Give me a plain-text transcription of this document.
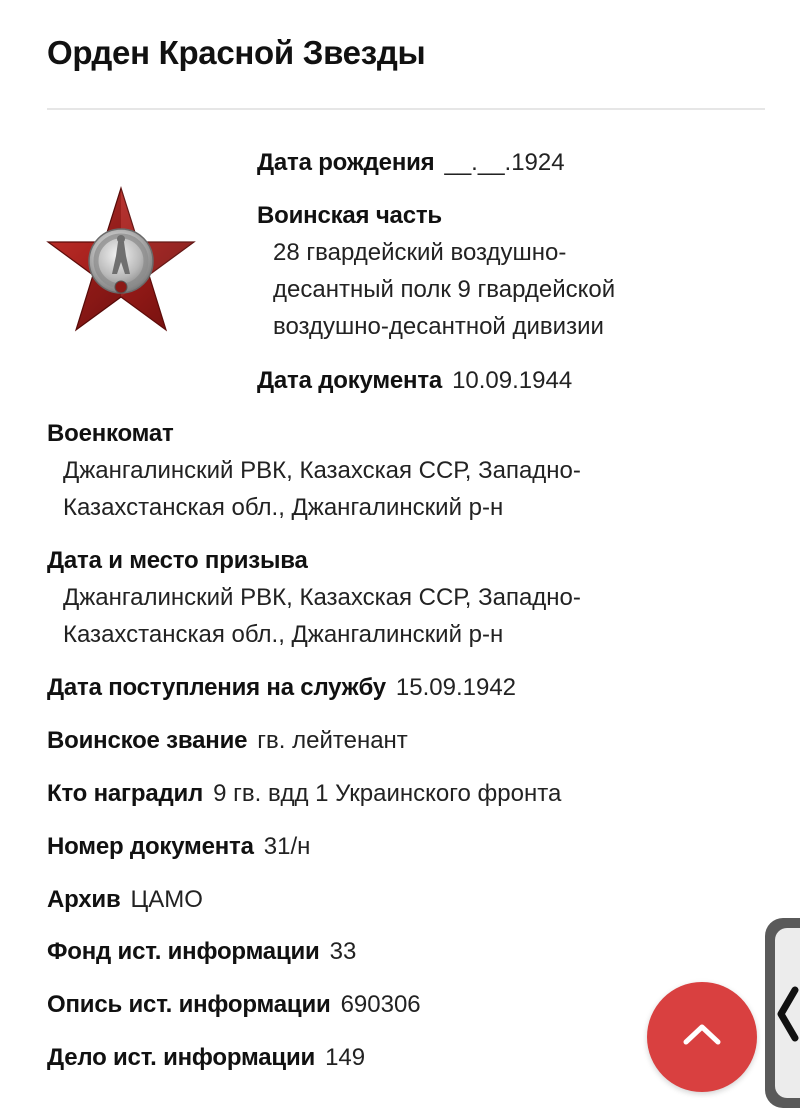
Орден Красной Звезды
Дата рождения __.__.1924
Воинская часть
28 гвардейский воздушно-
десантный полк 9 гвардейской
воздушно-десантной дивизии
Дата документа 10.09.1944
Военкомат
Джангалинский РВК, Казахская ССР, Западно-
Казахстанская обл., Джангалинский р-н
Дата и место призыва
Джангалинский РВК, Казахская ССР, Западно-
Казахстанская обл., Джангалинский р-н
Дата поступления на службу 15.09.1942
Воинское звание гв. лейтенант
Кто наградил 9 гв. вдд 1 Украинского фронта
Номер документа 31/н
Архив ЦАМО
Фонд ист. информации 33
Опись ист. информации 690306
Дело ист. информации 149
